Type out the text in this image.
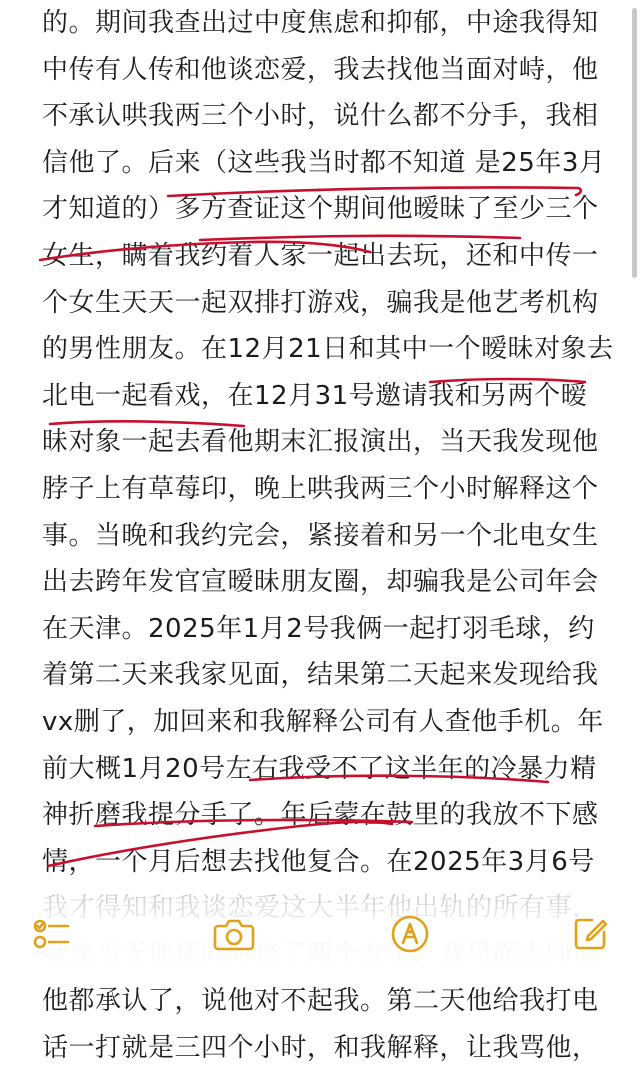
的。期间我查出过中度焦虑和抑郁，中途我得知
中传有人传和他谈恋爱，我去找他当面对峙，他
不承认哄我两三个小时，说什么都不分手，我相
信他了。后来（这些我当时都不知道 是25年3月
才知道的）多方查证这个期间他暧昧了至少三个
女生，瞒着我约着人家一起出去玩，还和中传一
个女生天天一起双排打游戏，骗我是他艺考机构
的男性朋友。在12月21日和其中一个暧昧对象去
北电一起看戏，在12月31号邀请我和另两个暧
昧对象一起去看他期末汇报演出，当天我发现他
脖子上有草莓印，晚上哄我两三个小时解释这个
事。当晚和我约完会，紧接着和另一个北电女生
出去跨年发官宣暧昧朋友圈，却骗我是公司年会
在天津。2025年1月2号我俩一起打羽毛球，约
着第二天来我家见面，结果第二天起来发现给我
vx删了，加回来和我解释公司有人查他手机。年
前大概1月20号左右我受不了这半年的冷暴力精
神折磨我提分手了。年后蒙在鼓里的我放不下感
情，一个月后想去找他复合。在2025年3月6号
他都承认了，说他对不起我。第二天他给我打电
话一打就是三四个小时，和我解释，让我骂他，
